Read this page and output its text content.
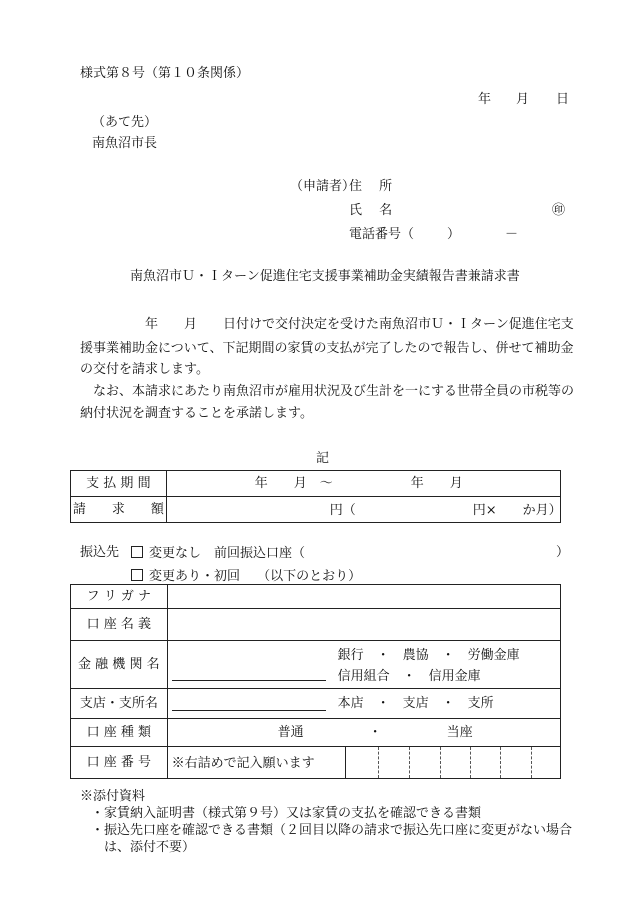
様式第８号（第１０条関係）
年 月 日
（あて先）
南魚沼市長
（申請者）
住　 所
氏　 名	㊞
電話番号（	）	－
南魚沼市Ｕ・Ｉターン促進住宅支援事業補助金実績報告書兼請求書
　　　　　年　　月　　日付けで交付決定を受けた南魚沼市Ｕ・Ｉターン促進住宅支
援事業補助金について、下記期間の家賃の支払が完了したので報告し、併せて補助金
の交付を請求します。
　なお、本請求にあたり南魚沼市が雇用状況及び生計を一にする世帯全員の市税等の
納付状況を調査することを承諾します。
記
支 払 期 間	年　　月　〜　　　　　　年　　月
請　　求　　額	円（ 円×　　か月）
振込先	変更なし　前回振込口座（	）
変更あり・初回　 （以下のとおり）
フ リ ガ ナ	
口 座 名 義	
金 融 機 関 名	銀行　・　農協　・　労働金庫
信用組合　・　信用金庫

支店・支所名	本店　・　支店　・　支所

口 座 種 類	普通　　　　　・　　　　　当座
口 座 番 号	※右詰めで記入願います
※添付資料
・家賃納入証明書（様式第９号）又は家賃の支払を確認できる書類
・振込先口座を確認できる書類（２回目以降の請求で振込先口座に変更がない場合
は、添付不要）
